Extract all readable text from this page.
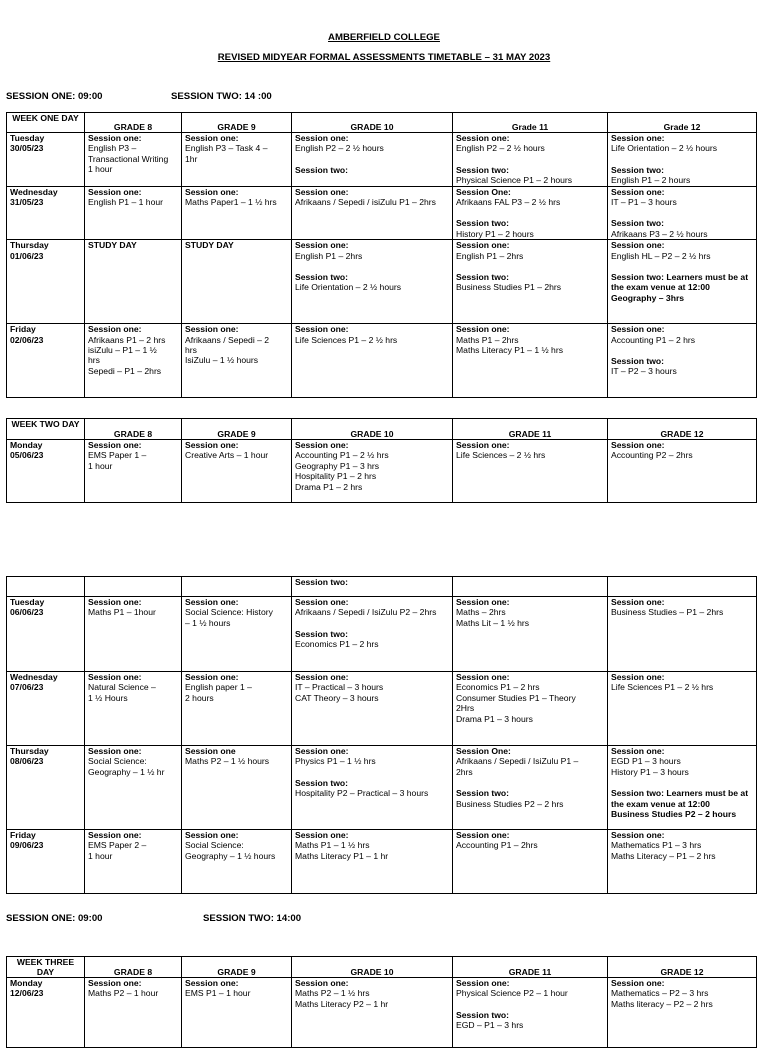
AMBERFIELD COLLEGE
REVISED MIDYEAR FORMAL ASSESSMENTS TIMETABLE – 31 MAY 2023
SESSION ONE: 09:00	SESSION TWO: 14 :00
WEEK ONE DAY	GRADE 8	GRADE 9	GRADE 10	Grade 11	Grade 12

Tuesday
30/05/23	Session one:
English P3 –
Transactional Writing
1 hour	Session one:
English P3 – Task 4 –
1hr	Session one:
English P2 – 2 ½ hours
Session two:	Session one:
English P2 – 2 ½ hours
Session two:
Physical Science P1 – 2 hours	Session one:
Life Orientation – 2 ½ hours
Session two:
English P1 – 2 hours

Wednesday
31/05/23	Session one:
English P1 – 1 hour	Session one:
Maths Paper1 – 1 ½ hrs	Session one:
Afrikaans / Sepedi / isiZulu P1 – 2hrs	Session One:
Afrikaans FAL P3 – 2 ½ hrs
Session two:
History P1 – 2 hours	Session one:
IT – P1 – 3 hours
Session two:
Afrikaans P3 – 2 ½ hours

Thursday
01/06/23	STUDY DAY	STUDY DAY	Session one:
English P1 – 2hrs
Session two:
Life Orientation – 2 ½ hours	Session one:
English P1 – 2hrs
Session two:
Business Studies P1 – 2hrs	Session one:
English HL – P2 – 2 ½ hrs
Session two: Learners must be at the exam venue at 12:00
Geography – 3hrs

Friday
02/06/23	Session one:
Afrikaans P1 – 2 hrs
isiZulu – P1 – 1 ½
hrs
Sepedi – P1 – 2hrs	Session one:
Afrikaans / Sepedi – 2
hrs
IsiZulu – 1 ½ hours	Session one:
Life Sciences P1 – 2 ½ hrs	Session one:
Maths P1 – 2hrs
Maths Literacy P1 – 1 ½ hrs	Session one:
Accounting P1 – 2 hrs
Session two:
IT – P2 – 3 hours
WEEK TWO DAY	GRADE 8	GRADE 9	GRADE 10	GRADE 11	GRADE 12

Monday
05/06/23	Session one:
EMS Paper 1 –
1 hour	Session one:
Creative Arts – 1 hour	Session one:
Accounting P1 – 2 ½ hrs
Geography P1 – 3 hrs
Hospitality P1 – 2 hrs
Drama P1 – 2 hrs	Session one:
Life Sciences – 2 ½ hrs	Session one:
Accounting P2 – 2hrs

			Session two:		

Tuesday
06/06/23	Session one:
Maths P1 – 1hour	Session one:
Social Science: History
– 1 ½ hours	Session one:
Afrikaans / Sepedi / IsiZulu P2 – 2hrs
Session two:
Economics P1 – 2 hrs	Session one:
Maths – 2hrs
Maths Lit – 1 ½ hrs	Session one:
Business Studies – P1 – 2hrs

Wednesday
07/06/23	Session one:
Natural Science –
1 ½ Hours	Session one:
English paper 1 –
2 hours	Session one:
IT – Practical – 3 hours
CAT Theory – 3 hours	Session one:
Economics P1 – 2 hrs
Consumer Studies P1 – Theory
2Hrs
Drama P1 – 3 hours	Session one:
Life Sciences P1 – 2 ½ hrs

Thursday
08/06/23	Session one:
Social Science:
Geography – 1 ½ hr	Session one
Maths P2 – 1 ½ hours	Session one:
Physics P1 – 1 ½ hrs
Session two:
Hospitality P2 – Practical – 3 hours	Session One:
Afrikaans / Sepedi / IsiZulu P1 –
2hrs
Session two:
Business Studies P2 – 2 hrs	Session one:
EGD P1 – 3 hours
History P1 – 3 hours
Session two: Learners must be at the exam venue at 12:00
Business Studies P2 – 2 hours

Friday
09/06/23	Session one:
EMS Paper 2 –
1 hour	Session one:
Social Science:
Geography – 1 ½ hours	Session one:
Maths P1 – 1 ½ hrs
Maths Literacy P1 – 1 hr	Session one:
Accounting P1 – 2hrs	Session one:
Mathematics P1 – 3 hrs
Maths Literacy – P1 – 2 hrs
SESSION ONE: 09:00	SESSION TWO: 14:00
WEEK THREE DAY	GRADE 8	GRADE 9	GRADE 10	GRADE 11	GRADE 12

Monday
12/06/23	Session one:
Maths P2 – 1 hour	Session one:
EMS P1 – 1 hour	Session one:
Maths P2 – 1 ½ hrs
Maths Literacy P2 – 1 hr	Session one:
Physical Science P2 – 1 hour
Session two:
EGD – P1 – 3 hrs	Session one:
Mathematics – P2 – 3 hrs
Maths literacy – P2 – 2 hrs
